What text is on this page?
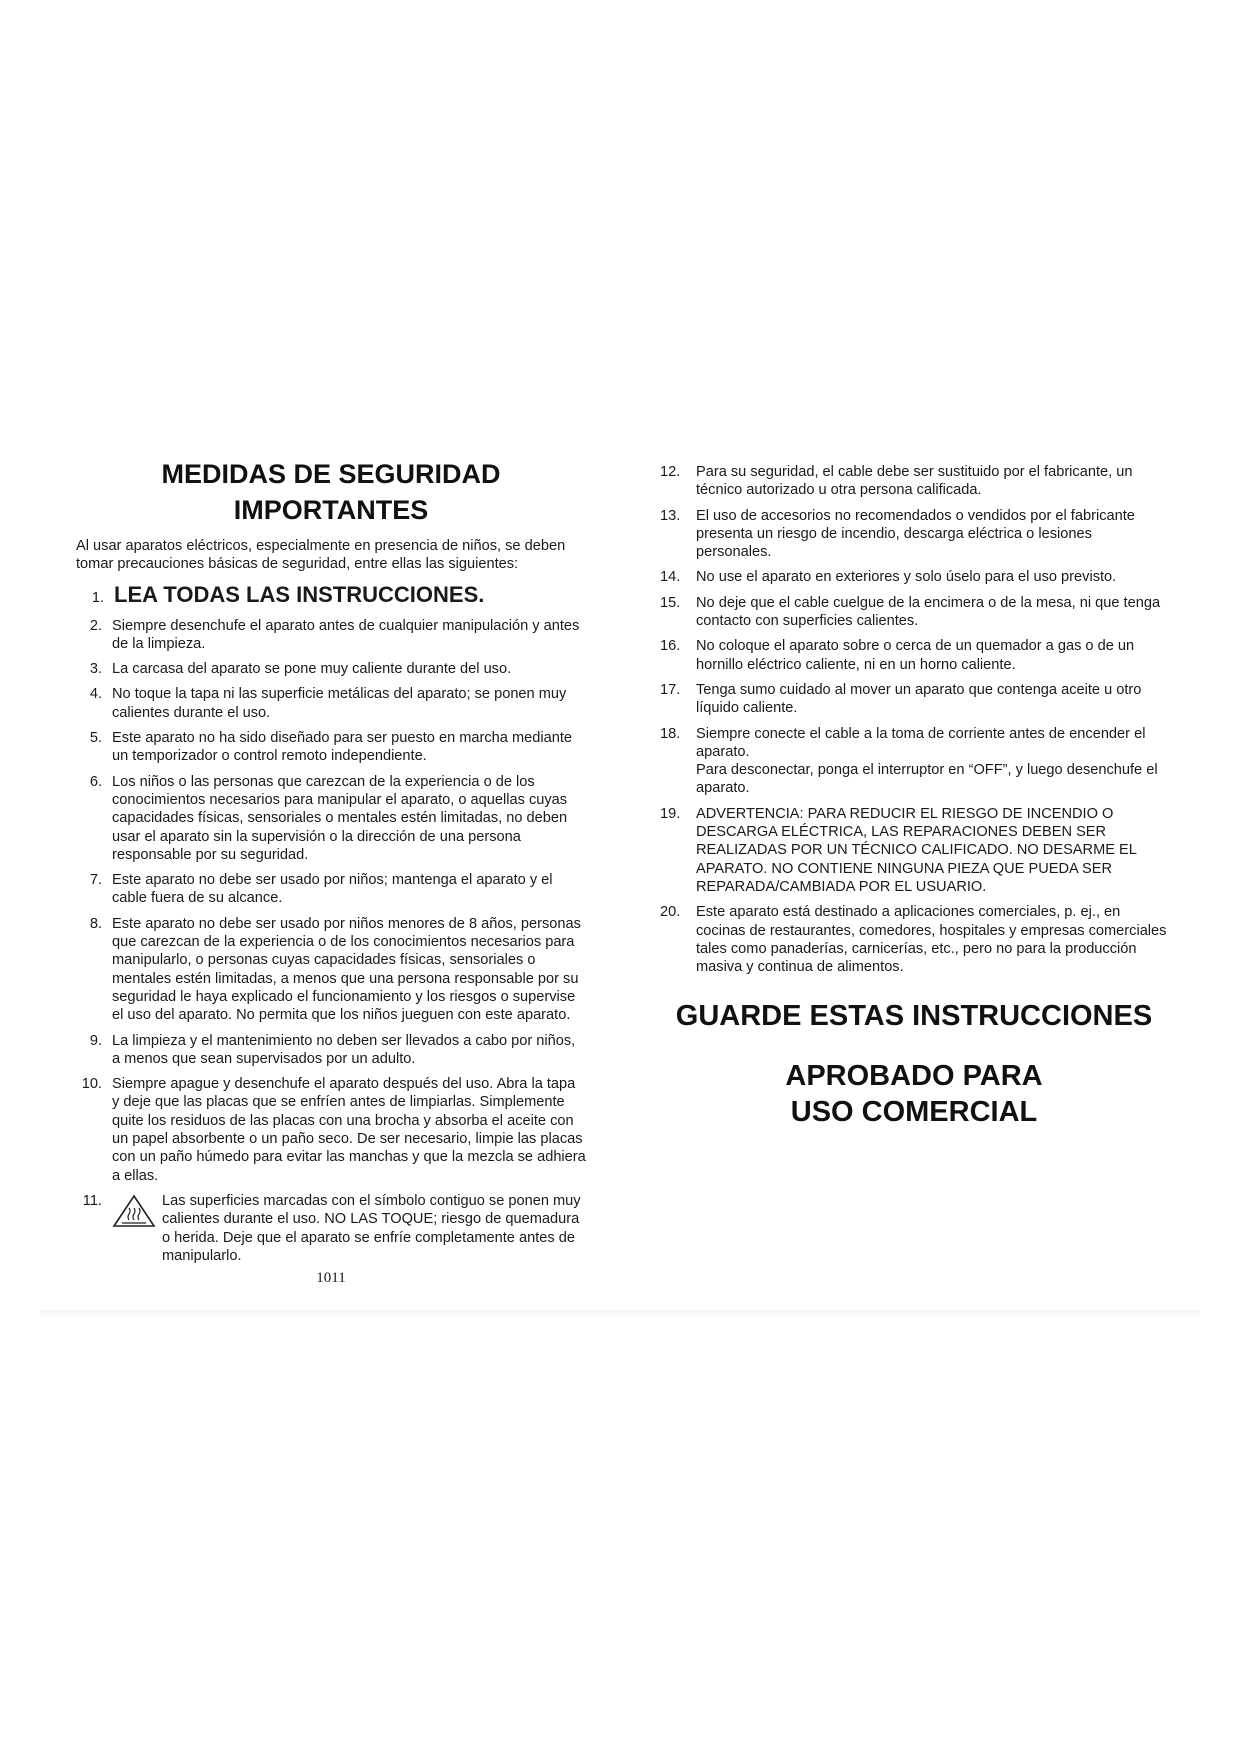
MEDIDAS DE SEGURIDAD
IMPORTANTES

Al usar aparatos eléctricos, especialmente en presencia de niños, se deben tomar precauciones básicas de seguridad, entre ellas las siguientes:

1. LEA TODAS LAS INSTRUCCIONES.
2. Siempre desenchufe el aparato antes de cualquier manipulación y antes de la limpieza.
3. La carcasa del aparato se pone muy caliente durante del uso.
4. No toque la tapa ni las superficie metálicas del aparato; se ponen muy calientes durante el uso.
5. Este aparato no ha sido diseñado para ser puesto en marcha mediante un temporizador o control remoto independiente.
6. Los niños o las personas que carezcan de la experiencia o de los conocimientos necesarios para manipular el aparato, o aquellas cuyas capacidades físicas, sensoriales o mentales estén limitadas, no deben usar el aparato sin la supervisión o la dirección de una persona responsable por su seguridad.
7. Este aparato no debe ser usado por niños; mantenga el aparato y el cable fuera de su alcance.
8. Este aparato no debe ser usado por niños menores de 8 años, personas que carezcan de la experiencia o de los conocimientos necesarios para manipularlo, o personas cuyas capacidades físicas, sensoriales o mentales estén limitadas, a menos que una persona responsable por su seguridad le haya explicado el funcionamiento y los riesgos o supervise el uso del aparato. No permita que los niños jueguen con este aparato.
9. La limpieza y el mantenimiento no deben ser llevados a cabo por niños, a menos que sean supervisados por un adulto.
10. Siempre apague y desenchufe el aparato después del uso. Abra la tapa y deje que las placas que se enfríen antes de limpiarlas. Simplemente quite los residuos de las placas con una brocha y absorba el aceite con un papel absorbente o un paño seco. De ser necesario, limpie las placas con un paño húmedo para evitar las manchas y que la mezcla se adhiera a ellas.
11.	Las superficies marcadas con el símbolo contiguo se ponen muy calientes durante el uso. NO LAS TOQUE; riesgo de quemadura o herida. Deje que el aparato se enfríe completamente antes de manipularlo.
1011
12.	Para su seguridad, el cable debe ser sustituido por el fabricante, un técnico autorizado u otra persona calificada.
13.	El uso de accesorios no recomendados o vendidos por el fabricante presenta un riesgo de incendio, descarga eléctrica o lesiones personales.
14.	No use el aparato en exteriores y solo úselo para el uso previsto.
15.	No deje que el cable cuelgue de la encimera o de la mesa, ni que tenga contacto con superficies calientes.
16.	No coloque el aparato sobre o cerca de un quemador a gas o de un hornillo eléctrico caliente, ni en un horno caliente.
17.	Tenga sumo cuidado al mover un aparato que contenga aceite u otro líquido caliente.
18.	Siempre conecte el cable a la toma de corriente antes de encender el aparato.
Para desconectar, ponga el interruptor en “OFF”, y luego desenchufe el aparato.
19.	ADVERTENCIA: PARA REDUCIR EL RIESGO DE INCENDIO O DESCARGA ELÉCTRICA, LAS REPARACIONES DEBEN SER REALIZADAS POR UN TÉCNICO CALIFICADO. NO DESARME EL APARATO. NO CONTIENE NINGUNA PIEZA QUE PUEDA SER REPARADA/CAMBIADA POR EL USUARIO.
20.	Este aparato está destinado a aplicaciones comerciales, p. ej., en cocinas de restaurantes, comedores, hospitales y empresas comerciales tales como panaderías, carnicerías, etc., pero no para la producción masiva y continua de alimentos.
GUARDE ESTAS INSTRUCCIONES
APROBADO PARA
USO COMERCIAL
